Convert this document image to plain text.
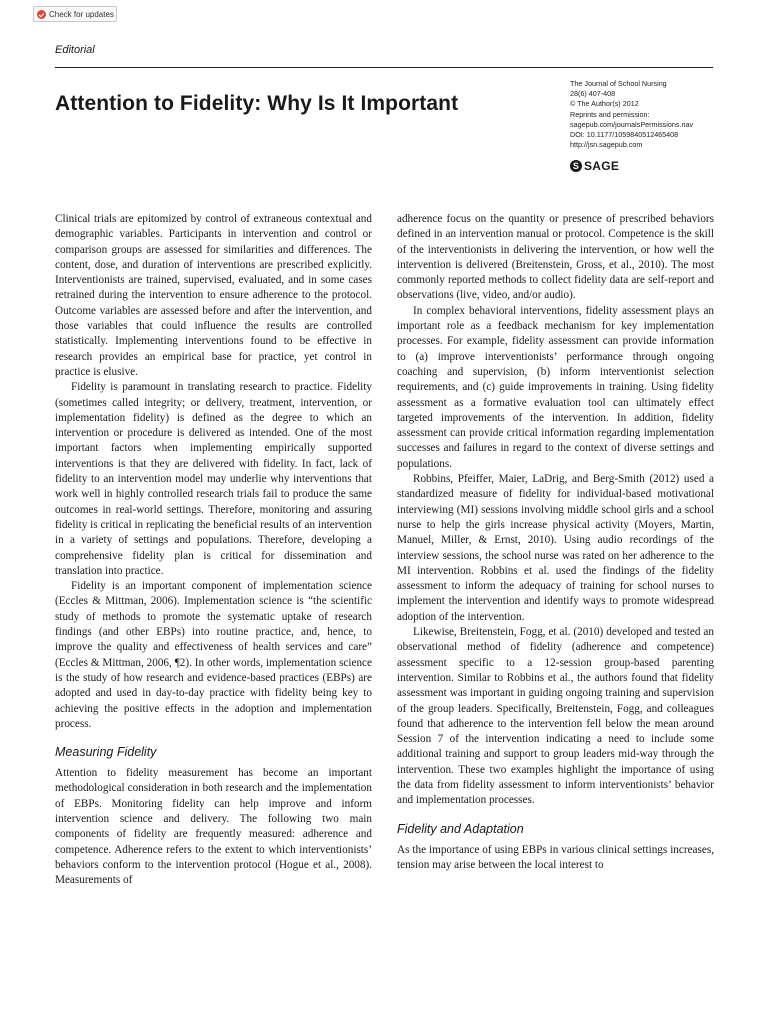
Check for updates
Editorial
Attention to Fidelity: Why Is It Important
The Journal of School Nursing
28(6) 407-408
© The Author(s) 2012
Reprints and permission:
sagepub.com/journalsPermissions.nav
DOI: 10.1177/1059840512465408
http://jsn.sagepub.com
S SAGE

Clinical trials are epitomized by control of extraneous contextual and demographic variables. Participants in intervention and control or comparison groups are assessed for similarities and differences. The content, dose, and duration of interventions are prescribed explicitly. Interventionists are trained, supervised, evaluated, and in some cases retrained during the intervention to ensure adherence to the protocol. Outcome variables are assessed before and after the intervention, and those variables that could influence the results are controlled statistically. Implementing interventions found to be effective in research provides an empirical base for practice, yet control in practice is elusive.

Fidelity is paramount in translating research to practice. Fidelity (sometimes called integrity; or delivery, treatment, intervention, or implementation fidelity) is defined as the degree to which an intervention or procedure is delivered as intended. One of the most important factors when implementing empirically supported interventions is that they are delivered with fidelity. In fact, lack of fidelity to an intervention model may underlie why interventions that work well in highly controlled research trials fail to produce the same outcomes in real-world settings. Therefore, monitoring and assuring fidelity is critical in replicating the beneficial results of an intervention in a variety of settings and populations. Therefore, developing a comprehensive fidelity plan is critical for dissemination and translation into practice.

Fidelity is an important component of implementation science (Eccles & Mittman, 2006). Implementation science is “the scientific study of methods to promote the systematic uptake of research findings (and other EBPs) into routine practice, and, hence, to improve the quality and effectiveness of health services and care” (Eccles & Mittman, 2006, ¶2). In other words, implementation science is the study of how research and evidence-based practices (EBPs) are adopted and used in day-to-day practice with fidelity being key to achieving the positive effects in the adoption and implementation process.

Measuring Fidelity

Attention to fidelity measurement has become an important methodological consideration in both research and the implementation of EBPs. Monitoring fidelity can help improve and inform intervention science and delivery. The following two main components of fidelity are frequently measured: adherence and competence. Adherence refers to the extent to which interventionists’ behaviors conform to the intervention protocol (Hogue et al., 2008). Measurements of

adherence focus on the quantity or presence of prescribed behaviors defined in an intervention manual or protocol. Competence is the skill of the interventionists in delivering the intervention, or how well the intervention is delivered (Breitenstein, Gross, et al., 2010). The most commonly reported methods to collect fidelity data are self-report and observations (live, video, and/or audio).

In complex behavioral interventions, fidelity assessment plays an important role as a feedback mechanism for key implementation processes. For example, fidelity assessment can provide information to (a) improve interventionists’ performance through ongoing coaching and supervision, (b) inform interventionist selection requirements, and (c) guide improvements in training. Using fidelity assessment as a formative evaluation tool can ultimately effect targeted improvements of the intervention. In addition, fidelity assessment can provide critical information regarding implementation successes and failures in regard to the context of diverse settings and populations.

Robbins, Pfeiffer, Maier, LaDrig, and Berg-Smith (2012) used a standardized measure of fidelity for individual-based motivational interviewing (MI) sessions involving middle school girls and a school nurse to help the girls increase physical activity (Moyers, Martin, Manuel, Miller, & Ernst, 2010). Using audio recordings of the interview sessions, the school nurse was rated on her adherence to the MI intervention. Robbins et al. used the findings of the fidelity assessment to inform the adequacy of training for school nurses to implement the intervention and identify ways to promote widespread adoption of the intervention.

Likewise, Breitenstein, Fogg, et al. (2010) developed and tested an observational method of fidelity (adherence and competence) assessment specific to a 12-session group-based parenting intervention. Similar to Robbins et al., the authors found that fidelity assessment was important in guiding ongoing training and supervision of the group leaders. Specifically, Breitenstein, Fogg, and colleagues found that adherence to the intervention fell below the mean around Session 7 of the intervention indicating a need to include some additional training and support to group leaders mid-way through the intervention. These two examples highlight the importance of using the data from fidelity assessment to inform interventionists’ behavior and implementation processes.

Fidelity and Adaptation

As the importance of using EBPs in various clinical settings increases, tension may arise between the local interest to
